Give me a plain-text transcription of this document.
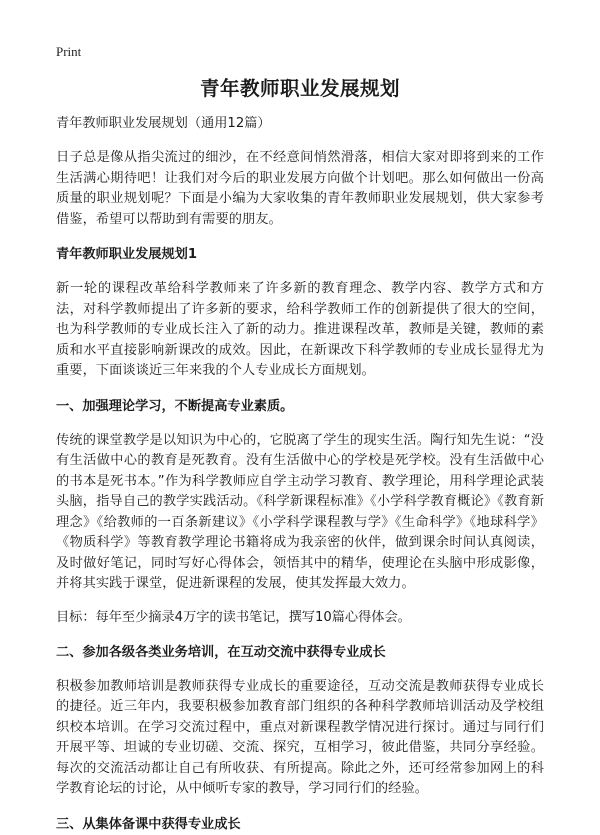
Print
青年教师职业发展规划

青年教师职业发展规划（通用12篇）

日子总是像从指尖流过的细沙，在不经意间悄然滑落，相信大家对即将到来的工作生活满心期待吧！让我们对今后的职业发展方向做个计划吧。那么如何做出一份高质量的职业规划呢？下面是小编为大家收集的青年教师职业发展规划，供大家参考借鉴，希望可以帮助到有需要的朋友。

青年教师职业发展规划1

新一轮的课程改革给科学教师来了许多新的教育理念、教学内容、教学方式和方法，对科学教师提出了许多新的要求，给科学教师工作的创新提供了很大的空间，也为科学教师的专业成长注入了新的动力。推进课程改革，教师是关键，教师的素质和水平直接影响新课改的成效。因此，在新课改下科学教师的专业成长显得尤为重要，下面谈谈近三年来我的个人专业成长方面规划。

一、加强理论学习，不断提高专业素质。

传统的课堂教学是以知识为中心的，它脱离了学生的现实生活。陶行知先生说：“没有生活做中心的教育是死教育。没有生活做中心的学校是死学校。没有生活做中心的书本是死书本。”作为科学教师应自学主动学习教育、教学理论，用科学理论武装头脑，指导自己的教学实践活动。《科学新课程标准》《小学科学教育概论》《教育新理念》《给教师的一百条新建议》《小学科学课程教与学》《生命科学》《地球科学》《物质科学》等教育教学理论书籍将成为我亲密的伙伴，做到课余时间认真阅读，及时做好笔记，同时写好心得体会，领悟其中的精华，使理论在头脑中形成影像，并将其实践于课堂，促进新课程的发展，使其发挥最大效力。

目标：每年至少摘录4万字的读书笔记，撰写10篇心得体会。

二、参加各级各类业务培训，在互动交流中获得专业成长

积极参加教师培训是教师获得专业成长的重要途径，互动交流是教师获得专业成长的捷径。近三年内，我要积极参加教育部门组织的各种科学教师培训活动及学校组织校本培训。在学习交流过程中，重点对新课程教学情况进行探讨。通过与同行们开展平等、坦诚的专业切磋、交流、探究，互相学习，彼此借鉴，共同分享经验。每次的交流活动都让自己有所收获、有所提高。除此之外，还可经常参加网上的科学教育论坛的讨论，从中倾听专家的教导，学习同行们的经验。

三、从集体备课中获得专业成长
